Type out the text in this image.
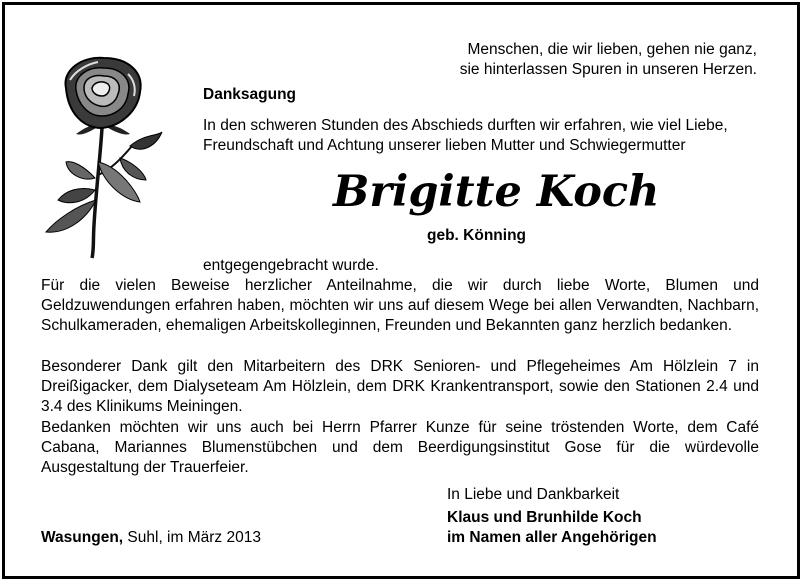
Menschen, die wir lieben, gehen nie ganz,
sie hinterlassen Spuren in unseren Herzen.
Danksagung
In den schweren Stunden des Abschieds durften wir erfahren, wie viel Liebe,
Freundschaft und Achtung unserer lieben Mutter und Schwiegermutter
Brigitte Koch
geb. Könning
entgegengebracht wurde.
Für die vielen Beweise herzlicher Anteilnahme, die wir durch liebe Worte, Blumen und Geldzuwendungen erfahren haben, möchten wir uns auf diesem Wege bei allen Verwandten, Nachbarn, Schulkameraden, ehemaligen Arbeitskolleginnen, Freunden und Bekannten ganz herzlich bedanken.
Besonderer Dank gilt den Mitarbeitern des DRK Senioren- und Pflegeheimes Am Hölzlein 7 in Dreißigacker, dem Dialyseteam Am Hölzlein, dem DRK Krankentransport, sowie den Stationen 2.4 und 3.4 des Klinikums Meiningen.
Bedanken möchten wir uns auch bei Herrn Pfarrer Kunze für seine tröstenden Worte, dem Café Cabana, Mariannes Blumenstübchen und dem Beerdigungsinstitut Gose für die würdevolle Ausgestaltung der Trauerfeier.
In Liebe und Dankbarkeit
Klaus und Brunhilde Koch
im Namen aller Angehörigen
Wasungen, Suhl, im März 2013
